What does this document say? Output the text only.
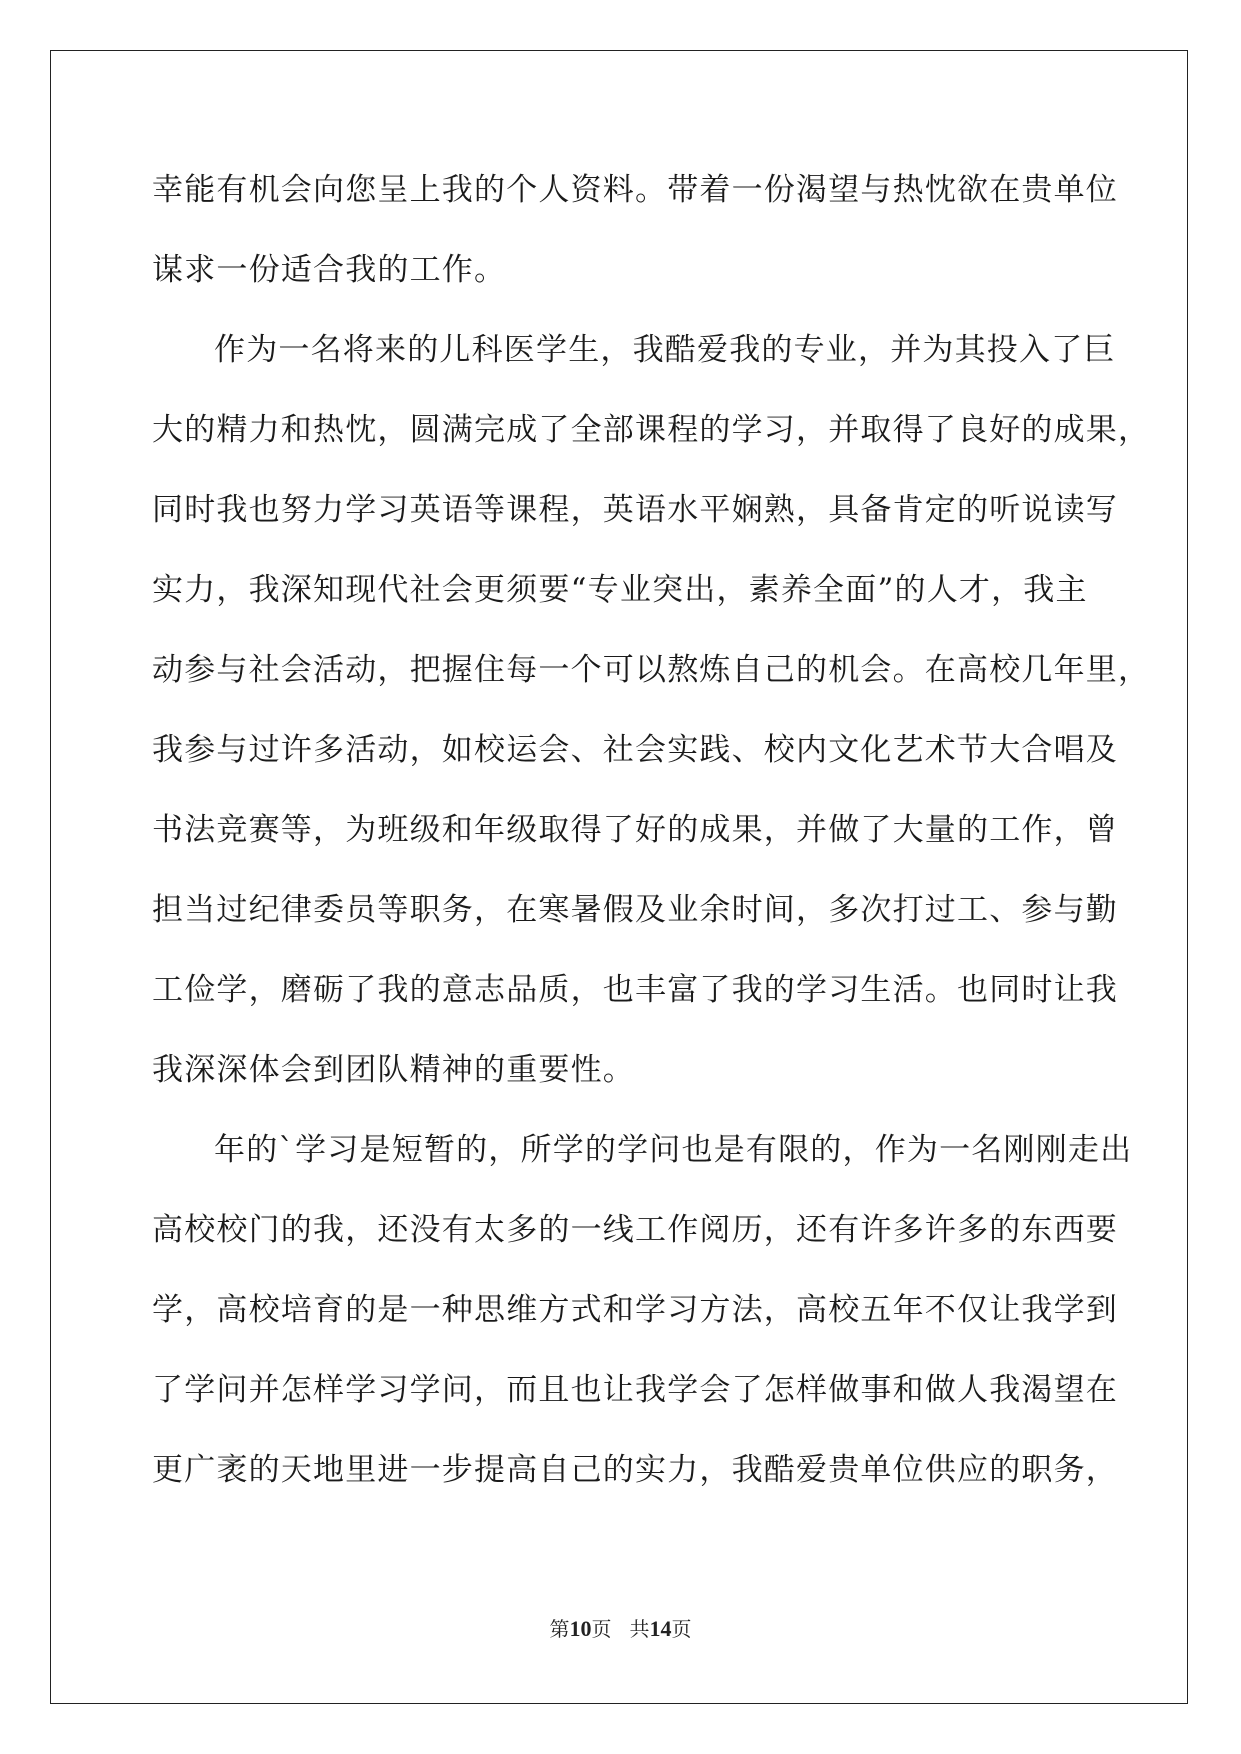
幸能有机会向您呈上我的个人资料。带着一份渴望与热忱欲在贵单位
谋求一份适合我的工作。
作为一名将来的儿科医学生，我酷爱我的专业，并为其投入了巨
大的精力和热忱，圆满完成了全部课程的学习，并取得了良好的成果，
同时我也努力学习英语等课程，英语水平娴熟，具备肯定的听说读写
实力，我深知现代社会更须要“专业突出，素养全面”的人才，我主
动参与社会活动，把握住每一个可以熬炼自己的机会。在高校几年里，
我参与过许多活动，如校运会、社会实践、校内文化艺术节大合唱及
书法竞赛等，为班级和年级取得了好的成果，并做了大量的工作，曾
担当过纪律委员等职务，在寒暑假及业余时间，多次打过工、参与勤
工俭学，磨砺了我的意志品质，也丰富了我的学习生活。也同时让我
我深深体会到团队精神的重要性。
年的`学习是短暂的，所学的学问也是有限的，作为一名刚刚走出
高校校门的我，还没有太多的一线工作阅历，还有许多许多的东西要
学，高校培育的是一种思维方式和学习方法，高校五年不仅让我学到
了学问并怎样学习学问，而且也让我学会了怎样做事和做人我渴望在
更广袤的天地里进一步提高自己的实力，我酷爱贵单位供应的职务，
第10页 共14页
